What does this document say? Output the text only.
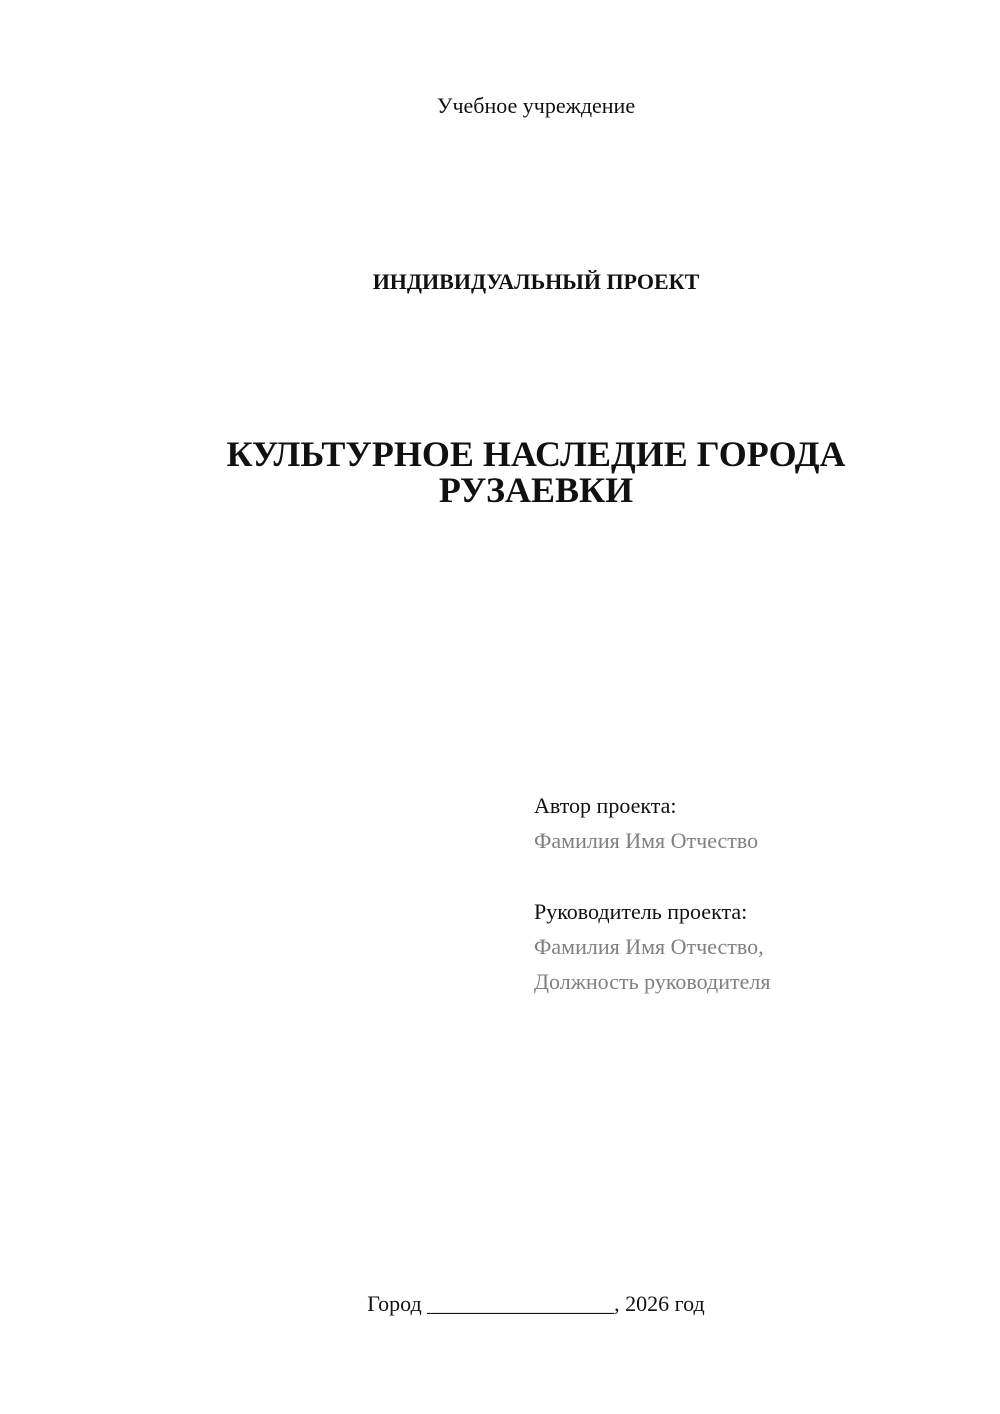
Учебное учреждение
ИНДИВИДУАЛЬНЫЙ ПРОЕКТ
КУЛЬТУРНОЕ НАСЛЕДИЕ ГОРОДА
РУЗАЕВКИ
Автор проекта:
Фамилия Имя Отчество
Руководитель проекта:
Фамилия Имя Отчество,
Должность руководителя
Город _________________, 2026 год
